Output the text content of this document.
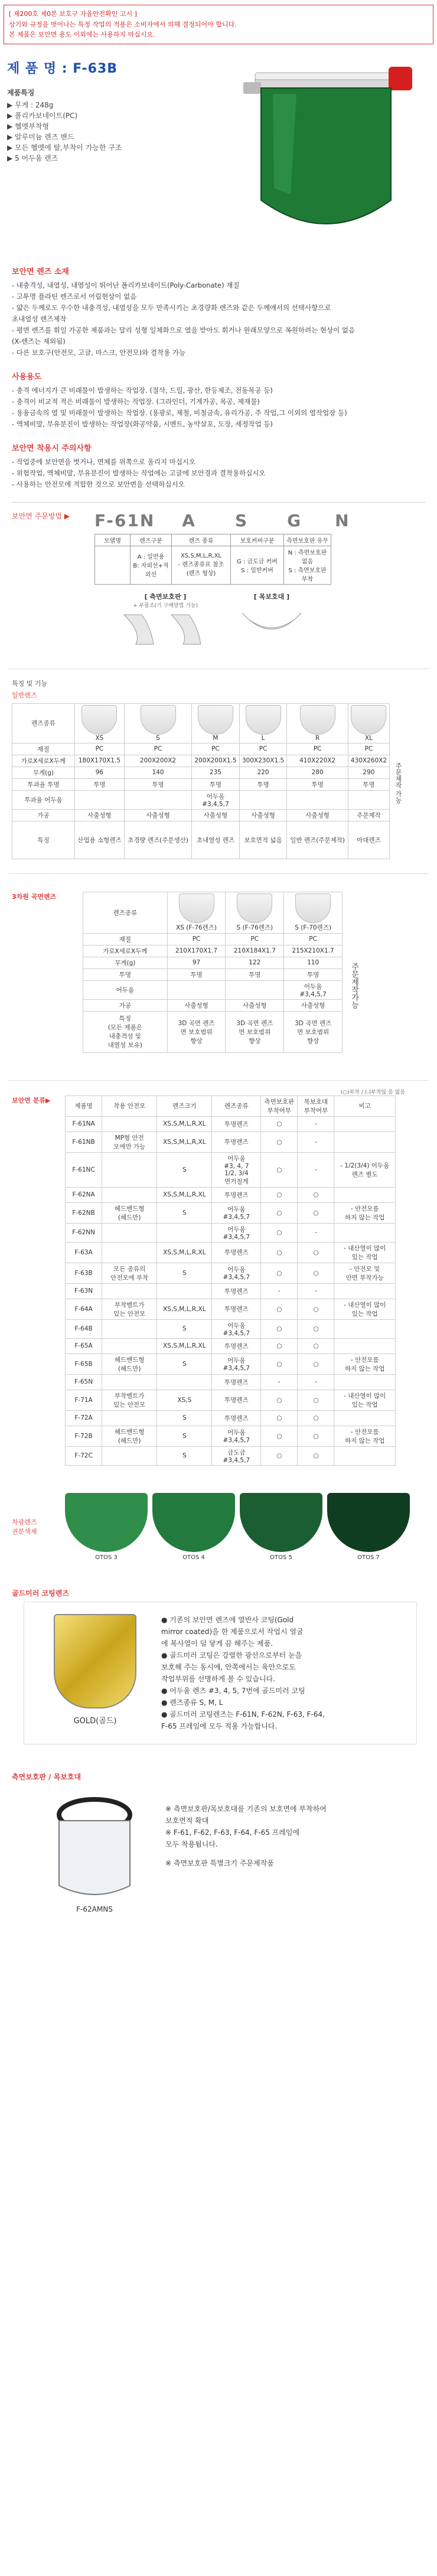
[ 제200호 제0본 보호구 자율안전확인 고시 ]

상기와 규정을 벗어나는 특정 작업의 적용은 소비자에서 의해 결정되어야 합니다.

본 제품은 보안면 용도 이외에는 사용하지 마십시요.

제 품 명 : F-63B
제품특징
▶ 무게 : 248g
▶ 폴리카보네이트(PC)
▶ 헬멧부착형
▶ 알루미늄 렌즈 밴드
▶ 모든 헬멧에 탈,부착이 가능한 구조
▶ 5 어두움 렌즈
보안면 렌즈 소재

- 내충격성, 내열성, 내염성이 뛰어난 폴리카보네이트(Poly-Carbonate) 재질

- 고투명 플라틴 렌즈로서 어림현상이 없음

- 얇은 두께로도 우수한 내충격성, 내열성을 모두 만족시키는 초경량화 렌즈와 같은 두께에서의 선택사항으로

초내열성 렌즈제작

- 평면 렌즈를 휘일 가공한 제품과는 달리 성형 일체화으로 열을 받아도 휘거나 원래모양으로 복원하려는 현상이 없음

(X-렌즈는 제외됨)

- 다른 보호구(안전모, 고글, 마스크, 안전모)와 결착용 가능

사용용도

- 충격 에너지가 큰 비래물이 발생하는 작업장. (절삭, 드릴, 광산, 한등제조, 전동목공 등)

- 충격이 비교적 적은 비래물이 발생하는 작업장. (그라인더, 기계가공, 목공, 제재물)

- 용융금속의 열 및 비래물이 발생하는 작업장. (용광로, 제철, 비철금속, 유리가공, 주 작업,그 이외의 열작업장 등)

- 액체비말, 부유분진이 발생하는 작업장(화공약품, 시멘트, 농약살포, 도장, 세정작업 등)

보안면 착용시 주의사항

- 작업중에 보안면을 벗거나, 면체를 위쪽으로 올리지 마십시오

- 위험작업, 액체비말, 부유분진이 발생하는 작업에는 고글에 보안경과 결착용하십시오

- 사용하는 안전모에 적합한 것으로 보안면을 선택하십시오

보안면 주문방법 ▶	F-61N A S G N
모델명	렌즈구분	렌즈 종류	보호커버구분	측면보호판 유무
	A : 일반용
B: 자외선+적
외선	XS,S,M,L,R,XL
- 렌즈종류표 참조
(렌즈 형상)	G : 금도금 커버
S : 일반커버	N : 측면보호판
없음
S : 측면보호판
부착
[ 측면보호판 ]
+ 부품조(기 구매방법 가능)
[ 목보호대 ]
특징 및 기능
일반렌즈
렌즈종류	XS	S	M	L	R	XL
재질	PC	PC	PC	PC	PC	PC
가로X세로X두께	180X170X1.5	200X200X2	200X200X1.5	300X230X1.5	410X220X2	430X260X2
무게(g)	96	140	235	220	280	290
투과율 투명	투명	투명	투명	투명	투명	투명
투과율 어두움			어두움
#3,4,5,7			
가공	사출성형	사출성형	사출성형	사출성형	사출성형	주문제작
특징	산업용 소형렌즈	초경량 렌즈(주문생산)	초내열성 렌즈	보호면적 넓음	일반 렌즈(주문제작)	아대렌즈
주문제작 가능
3차원 곡면렌즈
렌즈종류	XS (F-76렌즈)	S (F-76렌즈)	S (F-70렌즈)
재질	PC	PC	PC
가로X세로X두께	210X170X1.7	210X184X1.7	215X210X1.7
무게(g)	97	122	110
투명	투명	투명	투명
어두움			어두움
#3,4,5,7
가공	사출성형	사출성형	사출성형
특징
(모든 제품은
내충격성 및
내열성 보유)	3D 곡면 렌즈
면 보호범위
향상	3D 곡면 렌즈
면 보호범위
향상	3D 곡면 렌즈
면 보호범위
향상
주문제작가능
(○)부착 / (-)부착않 음 없음
보안면 분류▶
제품명	착용 안전모	렌즈크기	렌즈종류	측면보호판
부착여부	목보호대
부착여부	비고
F-61NA		XS,S,M,L,R,XL	투명렌즈	○	-	
F-61NB	MP형 안전
모에만 가능	XS,S,M,L,R,XL	투명렌즈	○	-	
F-61NC		S	어두움
#3, 4, 7
1/2, 3/4
면거칠게	○	-	- 1/2(3/4) 어두움
렌즈 별도
F-62NA		XS,S,M,L,R,XL	투명렌즈	○	○	
F-62NB	헤드밴드형
(헤드만)	S	어두움
#3,4,5,7	○	○	- 안전모를
하지 않는 작업
F-62NN			어두움
#3,4,5,7	○	-	
F-63A		XS,S,M,L,R,XL	투명렌즈	○	○	- 내산열이 많이
있는 작업
F-63B	모든 종류의
안전모에 부착	S	어두움
#3,4,5,7	○	○	- 안전모 및
안면 부착가능
F-63N			투명렌즈	-	-	
F-64A	부착벨트가
있는 안전모	XS,S,M,L,R,XL	투명렌즈	○	○	- 내산열이 많이
있는 작업
F-64B		S	어두움
#3,4,5,7	○	○	
F-65A		XS,S,M,L,R,XL	투명렌즈	○	○	
F-65B	헤드밴드형
(헤드만)	S	어두움
#3,4,5,7	○	○	- 안전모를
하지 않는 작업
F-65N			투명렌즈	-	-	
F-71A	부착벨트가
있는 안전모	XS,S	투명렌즈	○	○	- 내산열이 많이
있는 작업
F-72A		S	투명렌즈	○	○	
F-72B	헤드밴드형
(헤드만)	S	어두움
#3,4,5,7	○	○	- 안전모를
하지 않는 작업
F-72C		S	금도금
#3,4,5,7	○	○	
차광렌즈
권분색제
OTOS 3	OTOS 4	OTOS 5	OTOS 7
골드미러 코팅렌즈
GOLD(골드)
● 기존의 보안면 렌즈에 열반사 코팅(Gold
mirror coated)을 한 제품으로서 작업시 얼굴
에 복사열이 덜 닿게 끔 해주는 제품.
● 골드미러 코팅은 강렬한 광선으로부터 눈을
보호해 주는 동시에, 안쪽에서는 육안으로도
작업부위를 선명하게 볼 수 있습니다.
● 어두움 렌즈 #3, 4, 5, 7번에 골드미러 코팅
● 렌즈종류 S, M, L
● 골드미러 코팅렌즈는 F-61N, F-62N, F-63, F-64,
F-65 프레임에 모두 적용 가능합니다.
측면보호판 / 목보호대
F-62AMNS
※ 측면보호판/목보호대를 기존의 보호면에 부착하여
보호면적 확대
※ F-61, F-62, F-63, F-64, F-65 프레임에
모두 착용됩니다.
※ 측면보호판 특별크기 주문제작품
